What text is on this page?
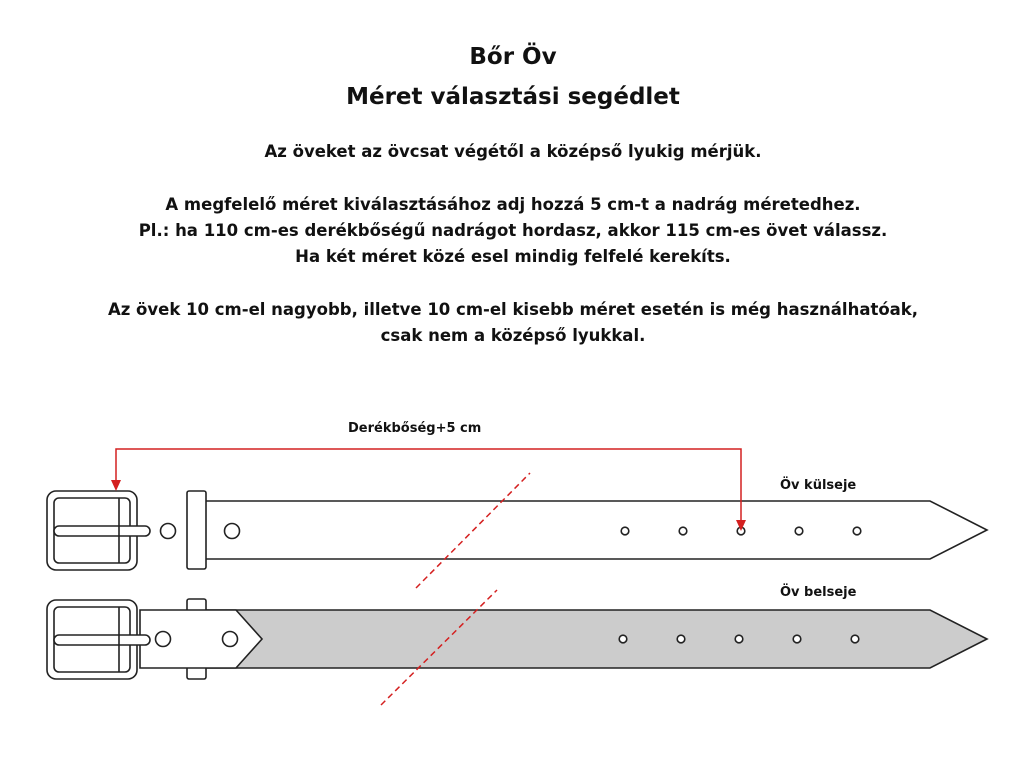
Bőr Öv
Méret választási segédlet
Az öveket az övcsat végétől a középső lyukig mérjük.
A megfelelő méret kiválasztásához adj hozzá 5 cm-t a nadrág méretedhez.
Pl.: ha 110 cm-es derékbőségű nadrágot hordasz, akkor 115 cm-es övet válassz.
Ha két méret közé esel mindig felfelé kerekíts.
Az övek 10 cm-el nagyobb, illetve 10 cm-el kisebb méret esetén is még használhatóak,
csak nem a középső lyukkal.
Derékbőség+5 cm
Öv külseje
Öv belseje
